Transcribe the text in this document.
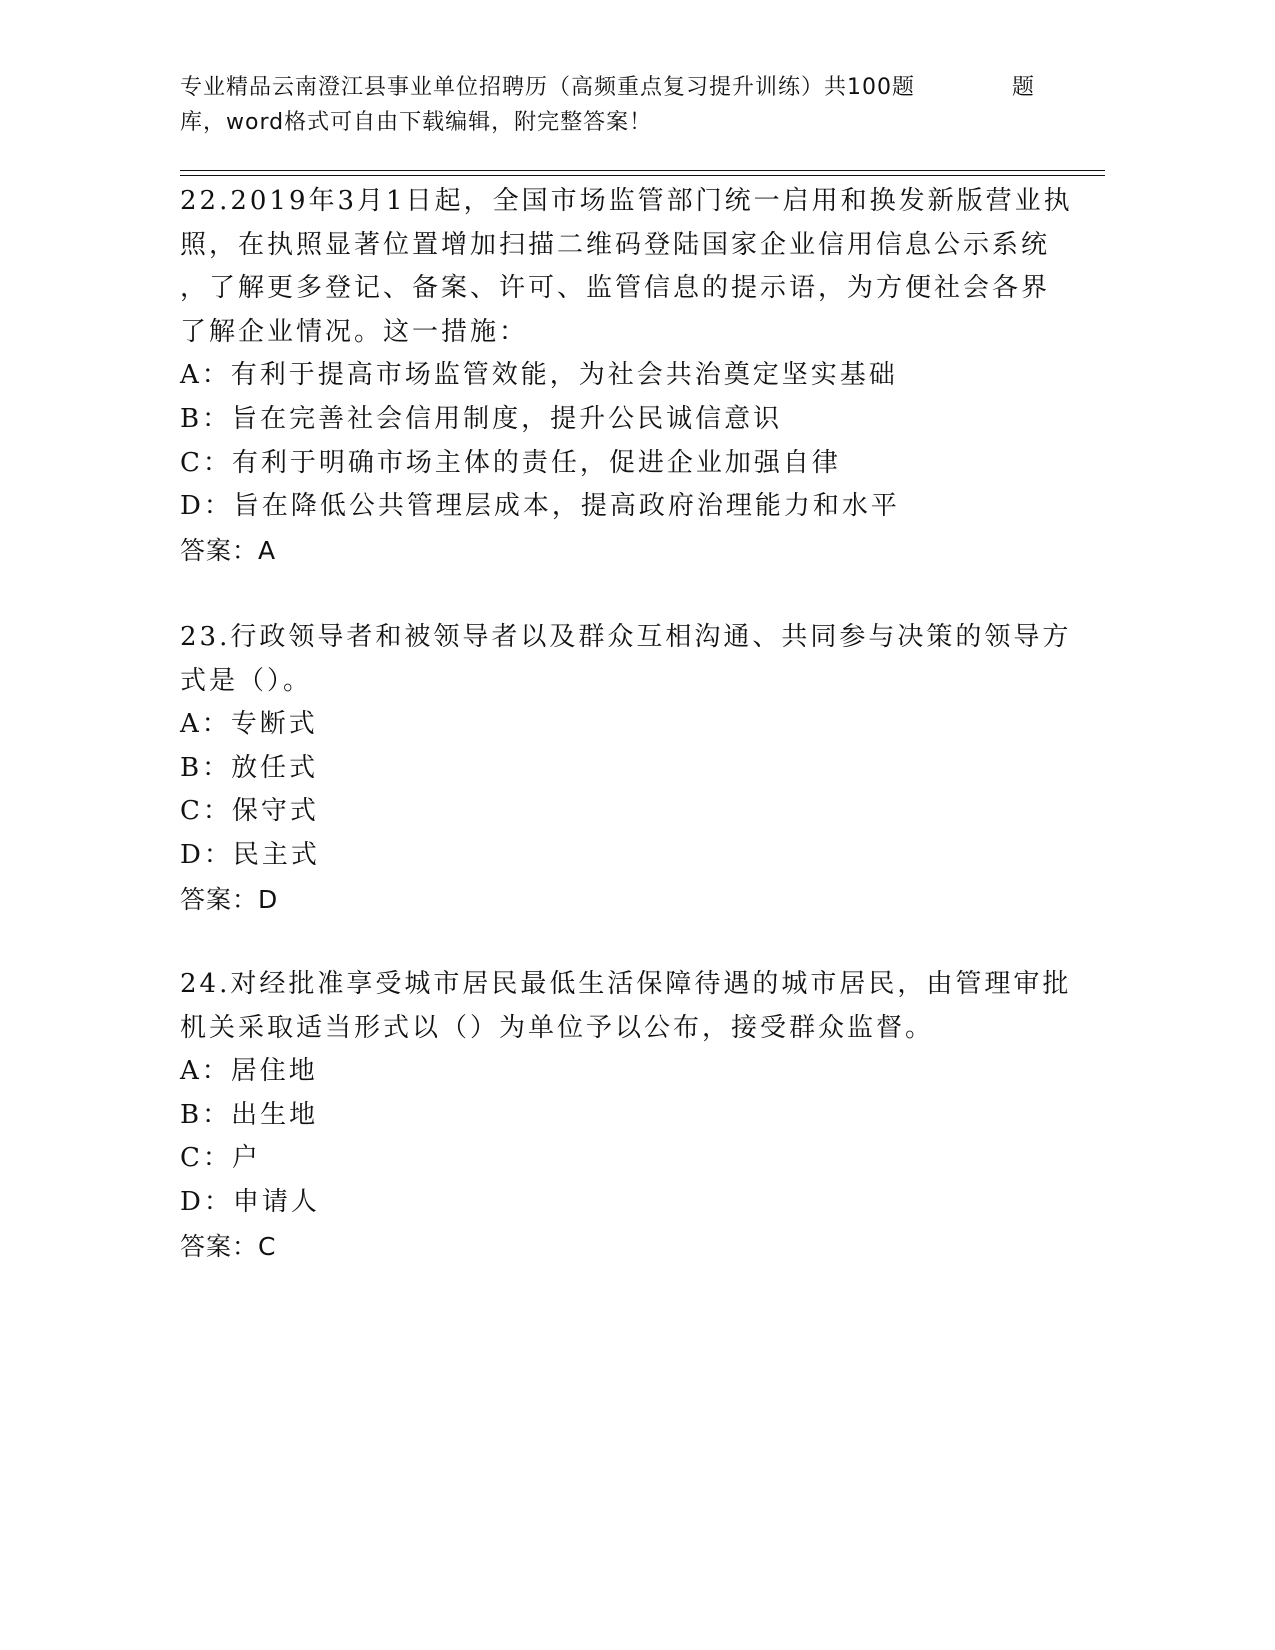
专业精品云南澄江县事业单位招聘历（高频重点复习提升训练）共100题	题
库，word格式可自由下载编辑，附完整答案！
22.2019年3月1日起，全国市场监管部门统一启用和换发新版营业执
照，在执照显著位置增加扫描二维码登陆国家企业信用信息公示系统
，了解更多登记、备案、许可、监管信息的提示语，为方便社会各界
了解企业情况。这一措施：
A：有利于提高市场监管效能，为社会共治奠定坚实基础
B：旨在完善社会信用制度，提升公民诚信意识
C：有利于明确市场主体的责任，促进企业加强自律
D：旨在降低公共管理层成本，提高政府治理能力和水平
答案：A
23.行政领导者和被领导者以及群众互相沟通、共同参与决策的领导方
式是（）。
A：专断式
B：放任式
C：保守式
D：民主式
答案：D
24.对经批准享受城市居民最低生活保障待遇的城市居民，由管理审批
机关采取适当形式以（）为单位予以公布，接受群众监督。
A：居住地
B：出生地
C：户
D：申请人
答案：C
